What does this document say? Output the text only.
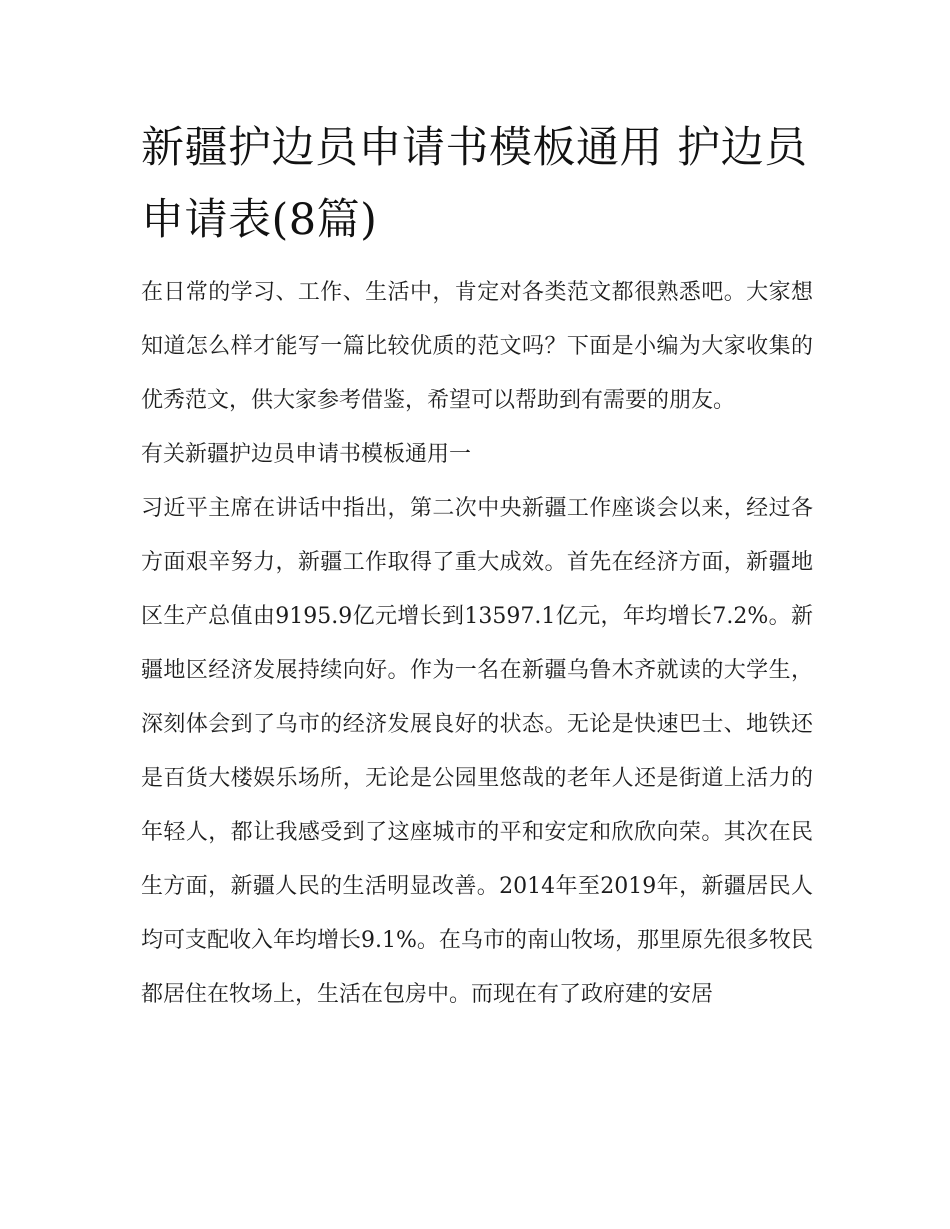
新疆护边员申请书模板通用 护边员申请表(8篇)

在日常的学习、工作、生活中，肯定对各类范文都很熟悉吧。大家想知道怎么样才能写一篇比较优质的范文吗？下面是小编为大家收集的优秀范文，供大家参考借鉴，希望可以帮助到有需要的朋友。

有关新疆护边员申请书模板通用一

习近平主席在讲话中指出，第二次中央新疆工作座谈会以来，经过各方面艰辛努力，新疆工作取得了重大成效。首先在经济方面，新疆地区生产总值由9195.9亿元增长到13597.1亿元，年均增长7.2%。新疆地区经济发展持续向好。作为一名在新疆乌鲁木齐就读的大学生，深刻体会到了乌市的经济发展良好的状态。无论是快速巴士、地铁还是百货大楼娱乐场所，无论是公园里悠哉的老年人还是街道上活力的年轻人，都让我感受到了这座城市的平和安定和欣欣向荣。其次在民生方面，新疆人民的生活明显改善。2014年至2019年，新疆居民人均可支配收入年均增长9.1%。在乌市的南山牧场，那里原先很多牧民都居住在牧场上，生活在包房中。而现在有了政府建的安居
